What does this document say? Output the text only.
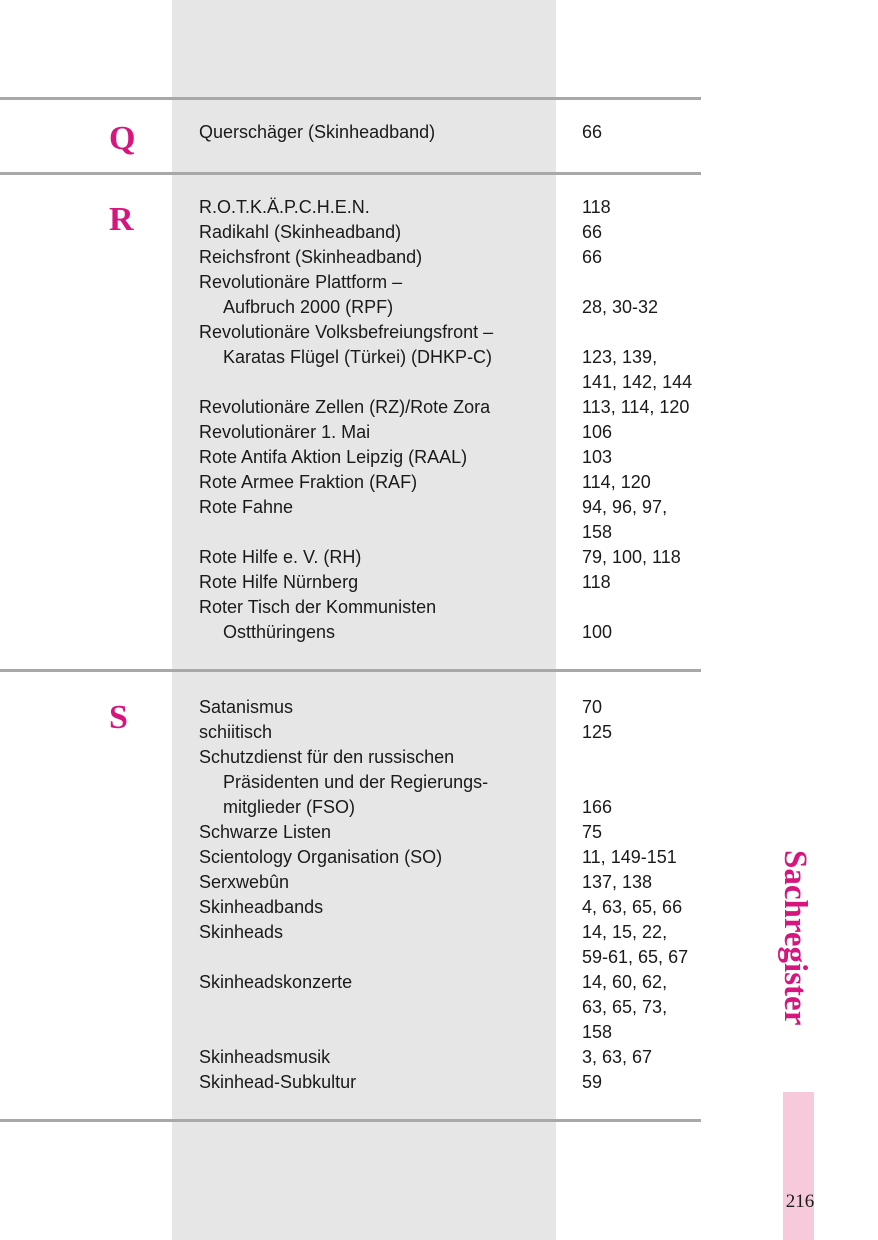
Q	Querschäger (Skinheadband)	66
R	R.O.T.K.Ä.P.C.H.E.N.	118
Radikahl (Skinheadband)	66
Reichsfront (Skinheadband)	66
Revolutionäre Plattform –
Aufbruch 2000 (RPF)	28, 30-32
Revolutionäre Volksbefreiungsfront –
Karatas Flügel (Türkei) (DHKP-C)	123, 139,
141, 142, 144
Revolutionäre Zellen (RZ)/Rote Zora	113, 114, 120
Revolutionärer 1. Mai	106
Rote Antifa Aktion Leipzig (RAAL)	103
Rote Armee Fraktion (RAF)	114, 120
Rote Fahne	94, 96, 97,
158
Rote Hilfe e. V. (RH)	79, 100, 118
Rote Hilfe Nürnberg	118
Roter Tisch der Kommunisten
Ostthüringens	100
S	Satanismus	70
schiitisch	125
Schutzdienst für den russischen
Präsidenten und der Regierungs-
mitglieder (FSO)	166
Schwarze Listen	75
Scientology Organisation (SO)	11, 149-151
Serxwebûn	137, 138
Skinheadbands	4, 63, 65, 66
Skinheads	14, 15, 22,
59-61, 65, 67
Skinheadskonzerte	14, 60, 62,
63, 65, 73,
158
Skinheadsmusik	3, 63, 67
Skinhead-Subkultur	59
Sachregister
216
